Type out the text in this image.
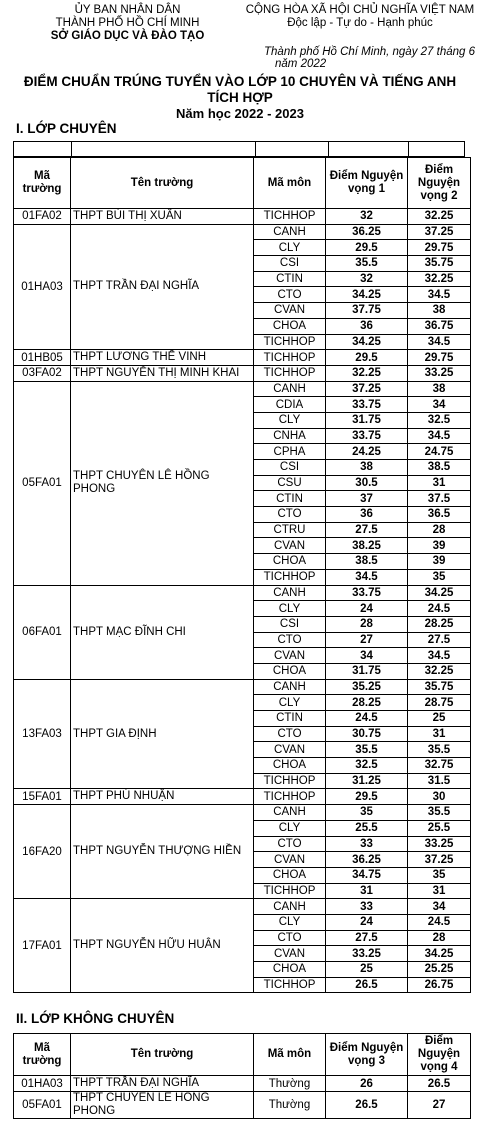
ỦY BAN NHÂN DÂN
THÀNH PHỐ HỒ CHÍ MINH
SỞ GIÁO DỤC VÀ ĐÀO TẠO
CỘNG HÒA XÃ HỘI CHỦ NGHĨA VIỆT NAM
Độc lập - Tự do - Hạnh phúc
Thành phố Hồ Chí Minh, ngày 27 tháng 6
năm 2022
ĐIỂM CHUẨN TRÚNG TUYỂN VÀO LỚP 10 CHUYÊN VÀ TIẾNG ANH
TÍCH HỢP
Năm học 2022 - 2023
I. LỚP CHUYÊN

Mã trường	Tên trường	Mã môn	Điểm Nguyện vọng 1	Điểm Nguyện vọng 2
01FA02	THPT BÙI THỊ XUÂN	TICHHOP	32	32.25
01HA03	THPT TRẦN ĐẠI NGHĨA	CANH	36.25	37.25
		CLY	29.5	29.75
		CSI	35.5	35.75
		CTIN	32	32.25
		CTO	34.25	34.5
		CVAN	37.75	38
		CHOA	36	36.75
		TICHHOP	34.25	34.5
01HB05	THPT LƯƠNG THẾ VINH	TICHHOP	29.5	29.75
03FA02	THPT NGUYỄN THỊ MINH KHAI	TICHHOP	32.25	33.25
05FA01	THPT CHUYÊN LÊ HỒNG PHONG	CANH	37.25	38
		CDIA	33.75	34
		CLY	31.75	32.5
		CNHA	33.75	34.5
		CPHA	24.25	24.75
		CSI	38	38.5
		CSU	30.5	31
		CTIN	37	37.5
		CTO	36	36.5
		CTRU	27.5	28
		CVAN	38.25	39
		CHOA	38.5	39
		TICHHOP	34.5	35
06FA01	THPT MẠC ĐĨNH CHI	CANH	33.75	34.25
		CLY	24	24.5
		CSI	28	28.25
		CTO	27	27.5
		CVAN	34	34.5
		CHOA	31.75	32.25
13FA03	THPT GIA ĐỊNH	CANH	35.25	35.75
		CLY	28.25	28.75
		CTIN	24.5	25
		CTO	30.75	31
		CVAN	35.5	35.5
		CHOA	32.5	32.75
		TICHHOP	31.25	31.5
15FA01	THPT PHÚ NHUẬN	TICHHOP	29.5	30
16FA20	THPT NGUYỄN THƯỢNG HIỀN	CANH	35	35.5
		CLY	25.5	25.5
		CTO	33	33.25
		CVAN	36.25	37.25
		CHOA	34.75	35
		TICHHOP	31	31
17FA01	THPT NGUYỄN HỮU HUÂN	CANH	33	34
		CLY	24	24.5
		CTO	27.5	28
		CVAN	33.25	34.25
		CHOA	25	25.25
		TICHHOP	26.5	26.75
II. LỚP KHÔNG CHUYÊN
Mã trường	Tên trường	Mã môn	Điểm Nguyện vọng 3	Điểm Nguyện vọng 4
01HA03	THPT TRẦN ĐẠI NGHĨA	Thường	26	26.5
05FA01	THPT CHUYÊN LÊ HỒNG PHONG	Thường	26.5	27
